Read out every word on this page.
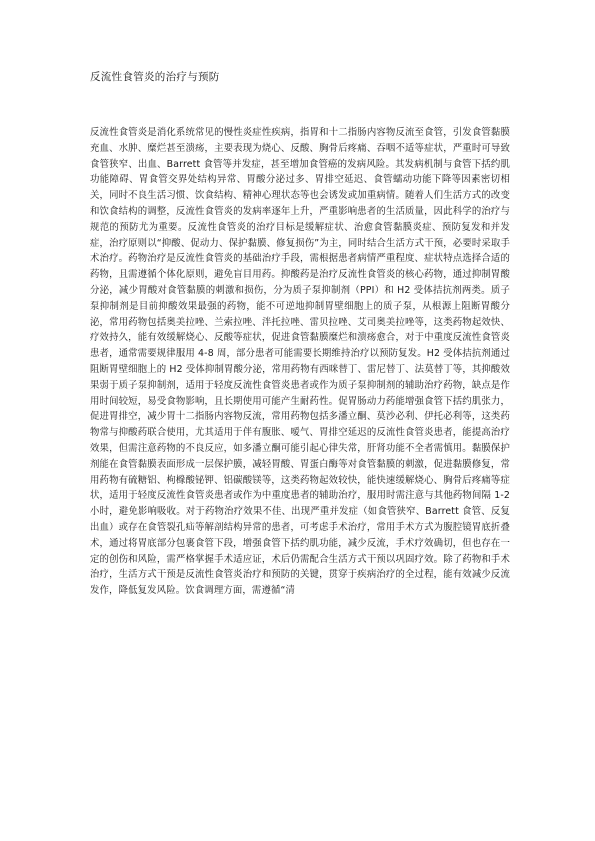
反流性食管炎的治疗与预防
反流性食管炎是消化系统常见的慢性炎症性疾病，指胃和十二指肠内容物反流至食管，引发食管黏膜充血、水肿、糜烂甚至溃疡，主要表现为烧心、反酸、胸骨后疼痛、吞咽不适等症状，严重时可导致食管狭窄、出血、Barrett 食管等并发症，甚至增加食管癌的发病风险。其发病机制与食管下括约肌功能障碍、胃食管交界处结构异常、胃酸分泌过多、胃排空延迟、食管蠕动功能下降等因素密切相关，同时不良生活习惯、饮食结构、精神心理状态等也会诱发或加重病情。随着人们生活方式的改变和饮食结构的调整，反流性食管炎的发病率逐年上升，严重影响患者的生活质量，因此科学的治疗与规范的预防尤为重要。反流性食管炎的治疗目标是缓解症状、治愈食管黏膜炎症、预防复发和并发症，治疗原则以“抑酸、促动力、保护黏膜、修复损伤”为主，同时结合生活方式干预，必要时采取手术治疗。药物治疗是反流性食管炎的基础治疗手段，需根据患者病情严重程度、症状特点选择合适的药物，且需遵循个体化原则，避免盲目用药。抑酸药是治疗反流性食管炎的核心药物，通过抑制胃酸分泌，减少胃酸对食管黏膜的刺激和损伤，分为质子泵抑制剂（PPI）和 H2 受体拮抗剂两类。质子泵抑制剂是目前抑酸效果最强的药物，能不可逆地抑制胃壁细胞上的质子泵，从根源上阻断胃酸分泌，常用药物包括奥美拉唑、兰索拉唑、泮托拉唑、雷贝拉唑、艾司奥美拉唑等，这类药物起效快、疗效持久，能有效缓解烧心、反酸等症状，促进食管黏膜糜烂和溃疡愈合，对于中重度反流性食管炎患者，通常需要规律服用 4-8 周，部分患者可能需要长期维持治疗以预防复发。H2 受体拮抗剂通过阻断胃壁细胞上的 H2 受体抑制胃酸分泌，常用药物有西咪替丁、雷尼替丁、法莫替丁等，其抑酸效果弱于质子泵抑制剂，适用于轻度反流性食管炎患者或作为质子泵抑制剂的辅助治疗药物，缺点是作用时间较短，易受食物影响，且长期使用可能产生耐药性。促胃肠动力药能增强食管下括约肌张力，促进胃排空，减少胃十二指肠内容物反流，常用药物包括多潘立酮、莫沙必利、伊托必利等，这类药物常与抑酸药联合使用，尤其适用于伴有腹胀、嗳气、胃排空延迟的反流性食管炎患者，能提高治疗效果，但需注意药物的不良反应，如多潘立酮可能引起心律失常，肝肾功能不全者需慎用。黏膜保护剂能在食管黏膜表面形成一层保护膜，减轻胃酸、胃蛋白酶等对食管黏膜的刺激，促进黏膜修复，常用药物有硫糖铝、枸橼酸铋钾、铝碳酸镁等，这类药物起效较快，能快速缓解烧心、胸骨后疼痛等症状，适用于轻度反流性食管炎患者或作为中重度患者的辅助治疗，服用时需注意与其他药物间隔 1-2 小时，避免影响吸收。对于药物治疗效果不佳、出现严重并发症（如食管狭窄、Barrett 食管、反复出血）或存在食管裂孔疝等解剖结构异常的患者，可考虑手术治疗，常用手术方式为腹腔镜胃底折叠术，通过将胃底部分包裹食管下段，增强食管下括约肌功能，减少反流，手术疗效确切，但也存在一定的创伤和风险，需严格掌握手术适应证，术后仍需配合生活方式干预以巩固疗效。除了药物和手术治疗，生活方式干预是反流性食管炎治疗和预防的关键，贯穿于疾病治疗的全过程，能有效减少反流发作，降低复发风险。饮食调理方面，需遵循“清
